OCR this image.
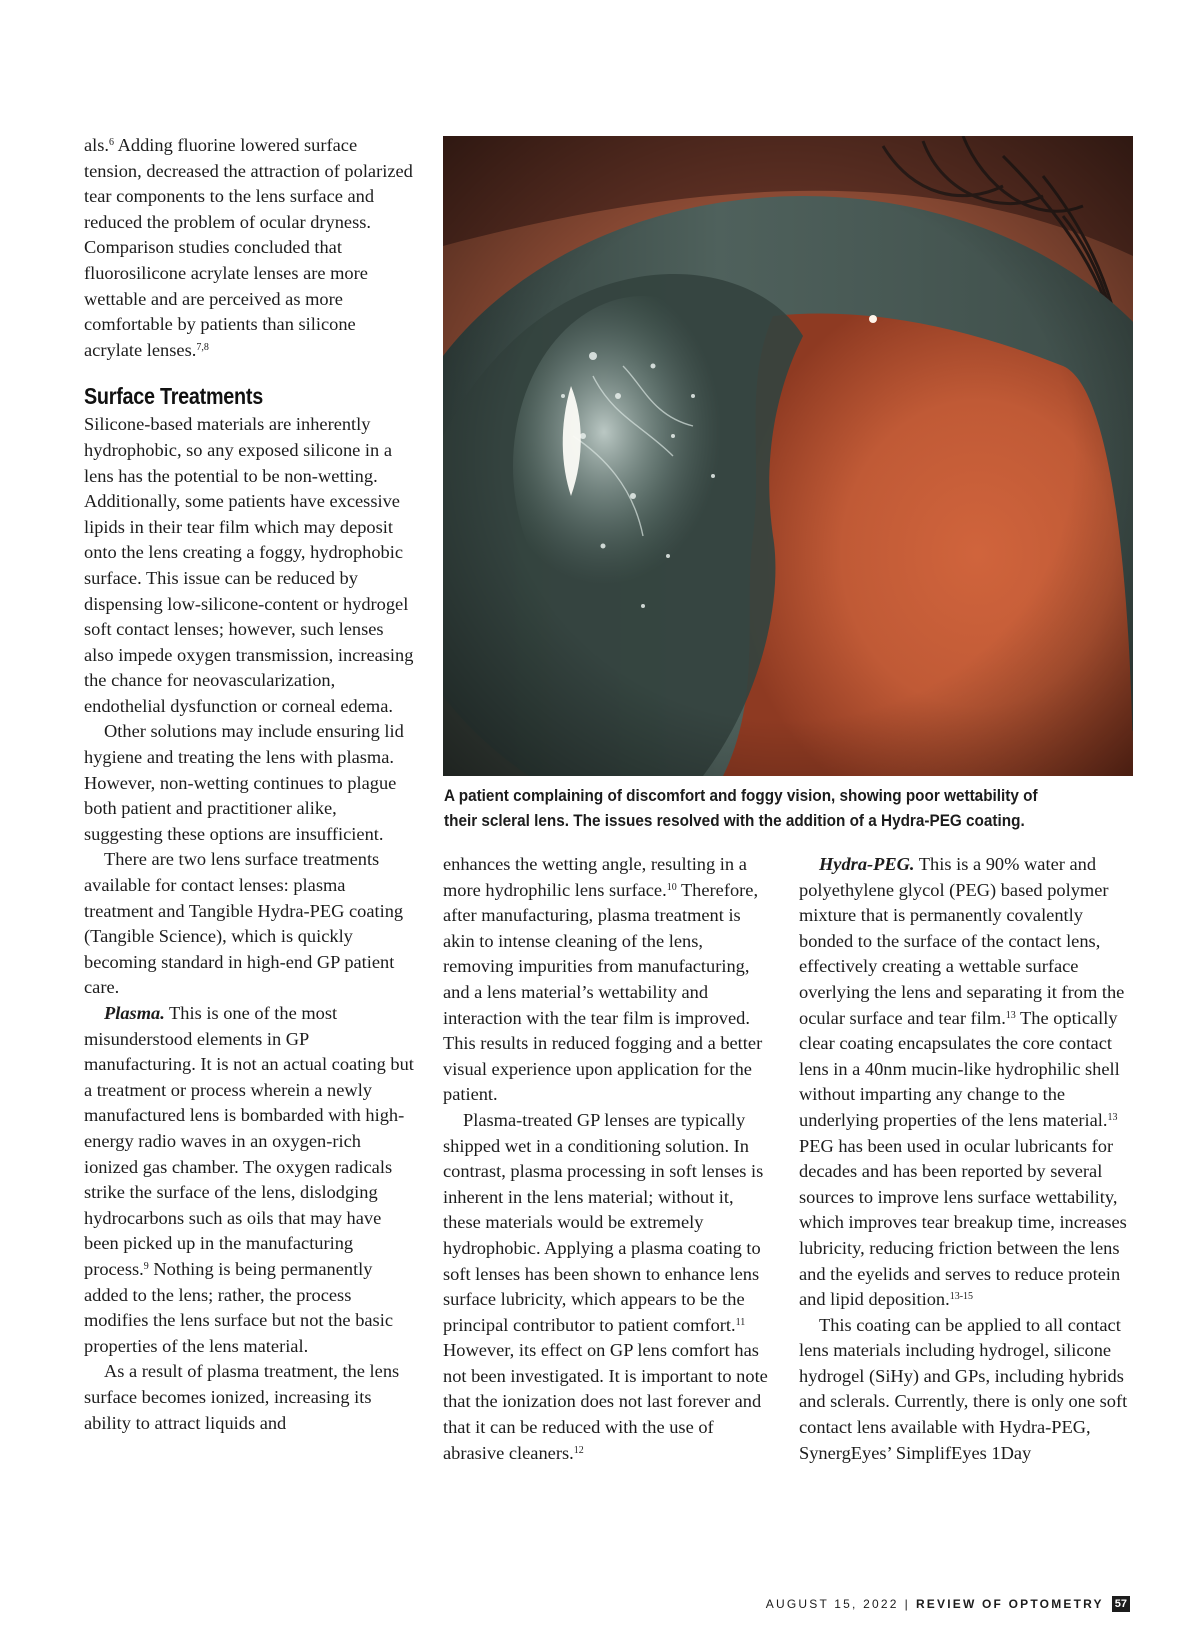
als.$^6$ Adding fluorine lowered surface tension, decreased the attraction of polarized tear components to the lens surface and reduced the problem of ocular dryness. Comparison studies concluded that fluorosilicone acrylate lenses are more wettable and are perceived as more comfortable by patients than silicone acrylate lenses.$^{7,8}$

Surface Treatments

Silicone-based materials are inherently hydrophobic, so any exposed silicone in a lens has the potential to be non-wetting. Additionally, some patients have excessive lipids in their tear film which may deposit onto the lens creating a foggy, hydrophobic surface. This issue can be reduced by dispensing low-silicone-content or hydrogel soft contact lenses; however, such lenses also impede oxygen transmission, increasing the chance for neovascularization, endothelial dysfunction or corneal edema.

Other solutions may include ensuring lid hygiene and treating the lens with plasma. However, non-wetting continues to plague both patient and practitioner alike, suggesting these options are insufficient.

There are two lens surface treatments available for contact lenses: plasma treatment and Tangible Hydra-PEG coating (Tangible Science), which is quickly becoming standard in high-end GP patient care.

Plasma. This is one of the most misunderstood elements in GP manufacturing. It is not an actual coating but a treatment or process wherein a newly manufactured lens is bombarded with high-energy radio waves in an oxygen-rich ionized gas chamber. The oxygen radicals strike the surface of the lens, dislodging hydrocarbons such as oils that may have been picked up in the manufacturing process.$^9$ Nothing is being permanently added to the lens; rather, the process modifies the lens surface but not the basic properties of the lens material.

As a result of plasma treatment, the lens surface becomes ionized, increasing its ability to attract liquids and

A patient complaining of discomfort and foggy vision, showing poor wettability of their scleral lens. The issues resolved with the addition of a Hydra-PEG coating.

enhances the wetting angle, resulting in a more hydrophilic lens surface.$^{10}$ Therefore, after manufacturing, plasma treatment is akin to intense cleaning of the lens, removing impurities from manufacturing, and a lens material’s wettability and interaction with the tear film is improved. This results in reduced fogging and a better visual experience upon application for the patient.

Plasma-treated GP lenses are typically shipped wet in a conditioning solution. In contrast, plasma processing in soft lenses is inherent in the lens material; without it, these materials would be extremely hydrophobic. Applying a plasma coating to soft lenses has been shown to enhance lens surface lubricity, which appears to be the principal contributor to patient comfort.$^{11}$ However, its effect on GP lens comfort has not been investigated. It is important to note that the ionization does not last forever and that it can be reduced with the use of abrasive cleaners.$^{12}$

Hydra-PEG. This is a 90% water and polyethylene glycol (PEG) based polymer mixture that is permanently covalently bonded to the surface of the contact lens, effectively creating a wettable surface overlying the lens and separating it from the ocular surface and tear film.$^{13}$ The optically clear coating encapsulates the core contact lens in a 40nm mucin-like hydrophilic shell without imparting any change to the underlying properties of the lens material.$^{13}$ PEG has been used in ocular lubricants for decades and has been reported by several sources to improve lens surface wettability, which improves tear breakup time, increases lubricity, reducing friction between the lens and the eyelids and serves to reduce protein and lipid deposition.$^{13-15}$

This coating can be applied to all contact lens materials including hydrogel, silicone hydrogel (SiHy) and GPs, including hybrids and sclerals. Currently, there is only one soft contact lens available with Hydra-PEG, SynergEyes’ SimplifEyes 1Day

AUGUST 15, 2022 | REVIEW OF OPTOMETRY 57
